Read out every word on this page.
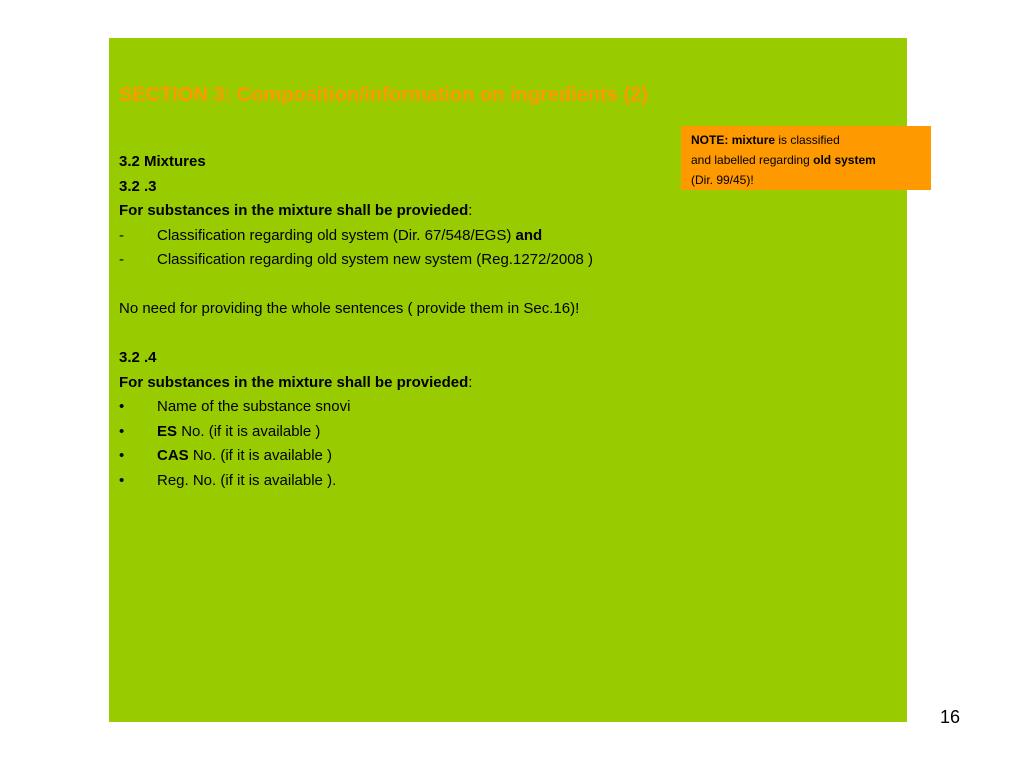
SECTION 3: Composition/information on ingredients (2)
NOTE: mixture is classified
and labelled regarding old system
(Dir. 99/45)!
3.2 Mixtures
3.2 .3
For substances in the mixture shall be provieded:
- Classification regarding old system (Dir. 67/548/EGS) and
- Classification regarding old system new system (Reg.1272/2008 )
No need for providing the whole sentences ( provide them in Sec.16)!
3.2 .4
For substances in the mixture shall be provieded:
• Name of the substance snovi
• ES No. (if it is available )
• CAS No. (if it is available )
• Reg. No. (if it is available ).
16
